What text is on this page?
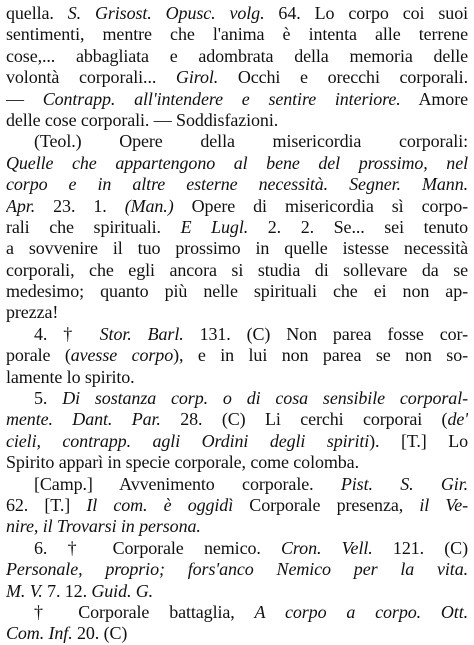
quella. S. Grisost. Opusc. volg. 64. Lo corpo coi suoi
sentimenti, mentre che l'anima è intenta alle terrene
cose,... abbagliata e adombrata della memoria delle
volontà corporali... Girol. Occhi e orecchi corporali.
— Contrapp. all'intendere e sentire interiore. Amore
delle cose corporali. — Soddisfazioni.
(Teol.) Opere della misericordia corporali:
Quelle che appartengono al bene del prossimo, nel
corpo e in altre esterne necessità. Segner. Mann.
Apr. 23. 1. (Man.) Opere di misericordia sì corpo-
rali che spirituali. E Lugl. 2. 2. Se... sei tenuto
a sovvenire il tuo prossimo in quelle istesse necessità
corporali, che egli ancora si studia di sollevare da se
medesimo; quanto più nelle spirituali che ei non ap-
prezza!
4. † Stor. Barl. 131. (C) Non parea fosse cor-
porale (avesse corpo), e in lui non parea se non so-
lamente lo spirito.
5. Di sostanza corp. o di cosa sensibile corporal-
mente. Dant. Par. 28. (C) Li cerchi corporai (de'
cieli, contrapp. agli Ordini degli spiriti). [T.] Lo
Spirito apparì in specie corporale, come colomba.
[Camp.] Avvenimento corporale. Pist. S. Gir.
62. [T.] Il com. è oggidì Corporale presenza, il Ve-
nire, il Trovarsi in persona.
6. † Corporale nemico. Cron. Vell. 121. (C)
Personale, proprio; fors'anco Nemico per la vita.
M. V. 7. 12. Guid. G.
† Corporale battaglia, A corpo a corpo. Ott.
Com. Inf. 20. (C)
